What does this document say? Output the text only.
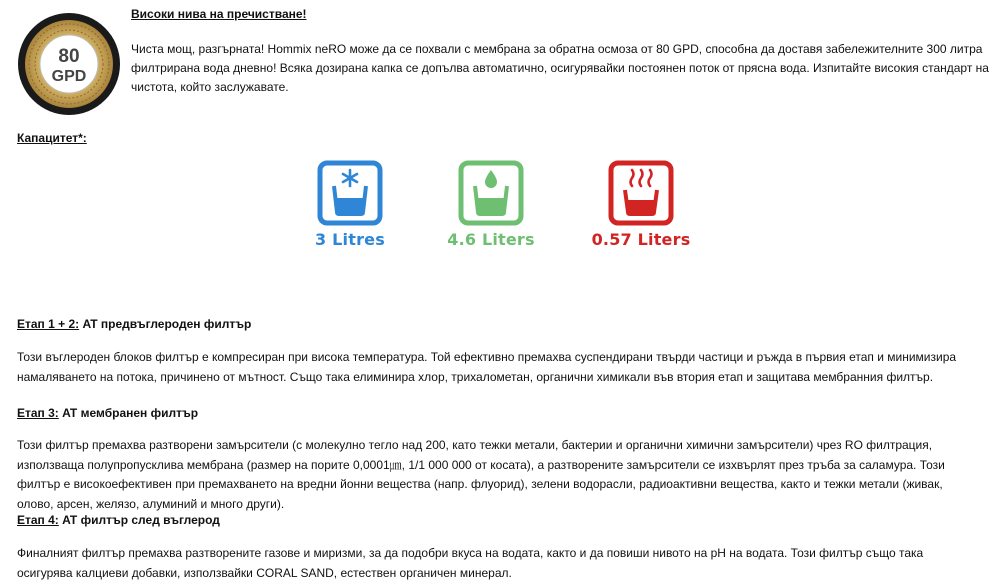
80
GPD

Високи нива на пречистване!

Чиста мощ, разгърната! Hommix neRO може да се похвали с мембрана за обратна осмоза от 80 GPD, способна да доставя забележителните 300 литра филтрирана вода дневно! Всяка дозирана капка се допълва автоматично, осигурявайки постоянен поток от прясна вода. Изпитайте високия стандарт на чистота, който заслужавате.

Капацитет*:

3 Litres	4.6 Liters	0.57 Liters

Етап 1 + 2: AT предвъглероден филтър

Този въглероден блоков филтър е компресиран при висока температура. Той ефективно премахва суспендирани твърди частици и ръжда в първия етап и минимизира намаляването на потока, причинено от мътност. Също така елиминира хлор, трихалометан, органични химикали във втория етап и защитава мембранния филтър.

Етап 3: AT мембранен филтър

Този филтър премахва разтворени замърсители (с молекулно тегло над 200, като тежки метали, бактерии и органични химични замърсители) чрез RO филтрация, използваща полупропусклива мембрана (размер на порите 0,0001㎛, 1/1 000 000 от косата), а разтворените замърсители се изхвърлят през тръба за саламура. Този филтър е високоефективен при премахването на вредни йонни вещества (напр. флуорид), зелени водорасли, радиоактивни вещества, както и тежки метали (живак, олово, арсен, желязо, алуминий и много други).

Етап 4: AT филтър след въглерод

Финалният филтър премахва разтворените газове и миризми, за да подобри вкуса на водата, както и да повиши нивото на pH на водата. Този филтър също така осигурява калциеви добавки, използвайки CORAL SAND, естествен органичен минерал.
